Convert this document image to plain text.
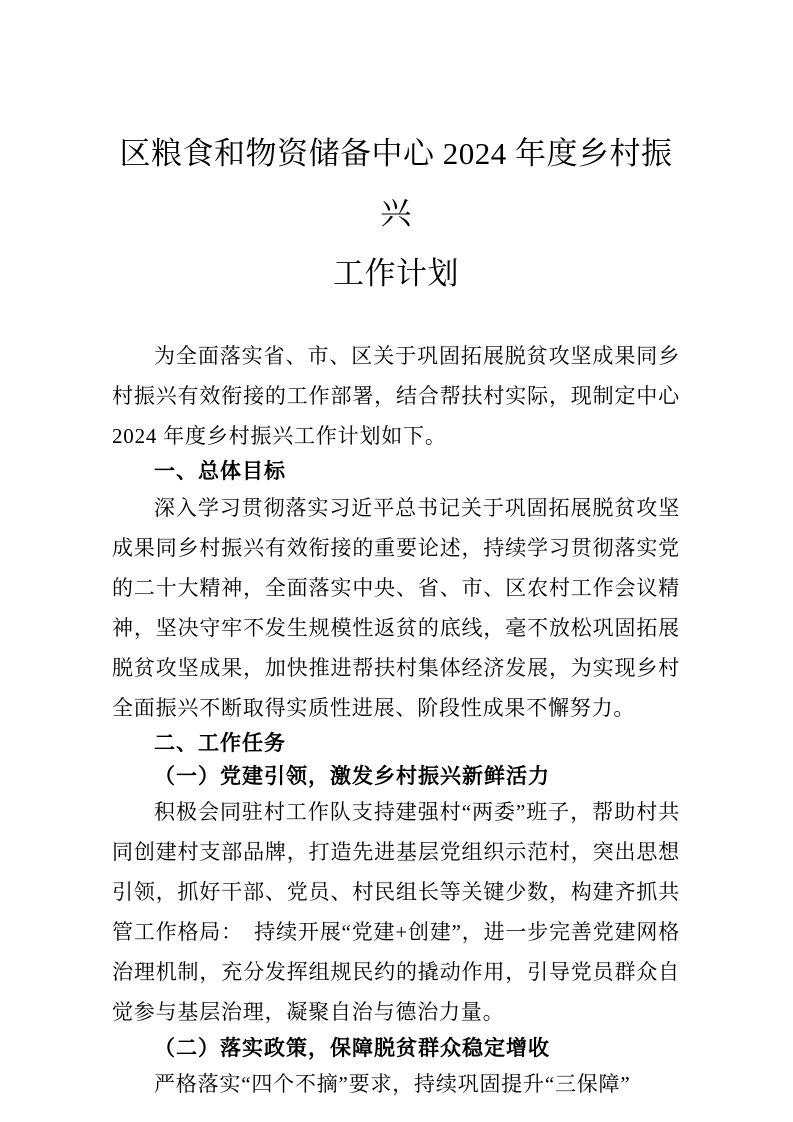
区粮食和物资储备中心 2024 年度乡村振兴
工作计划

为全面落实省、市、区关于巩固拓展脱贫攻坚成果同乡村振兴有效衔接的工作部署，结合帮扶村实际，现制定中心 2024 年度乡村振兴工作计划如下。

一、总体目标

深入学习贯彻落实习近平总书记关于巩固拓展脱贫攻坚成果同乡村振兴有效衔接的重要论述，持续学习贯彻落实党的二十大精神，全面落实中央、省、市、区农村工作会议精神，坚决守牢不发生规模性返贫的底线，毫不放松巩固拓展脱贫攻坚成果，加快推进帮扶村集体经济发展，为实现乡村全面振兴不断取得实质性进展、阶段性成果不懈努力。

二、工作任务
（一）党建引领，激发乡村振兴新鲜活力

积极会同驻村工作队支持建强村“两委”班子，帮助村共同创建村支部品牌，打造先进基层党组织示范村，突出思想引领，抓好干部、党员、村民组长等关键少数，构建齐抓共管工作格局：　持续开展“党建+创建”，进一步完善党建网格治理机制，充分发挥组规民约的撬动作用，引导党员群众自觉参与基层治理，凝聚自治与德治力量。

（二）落实政策，保障脱贫群众稳定增收

严格落实“四个不摘”要求，持续巩固提升“三保障”
